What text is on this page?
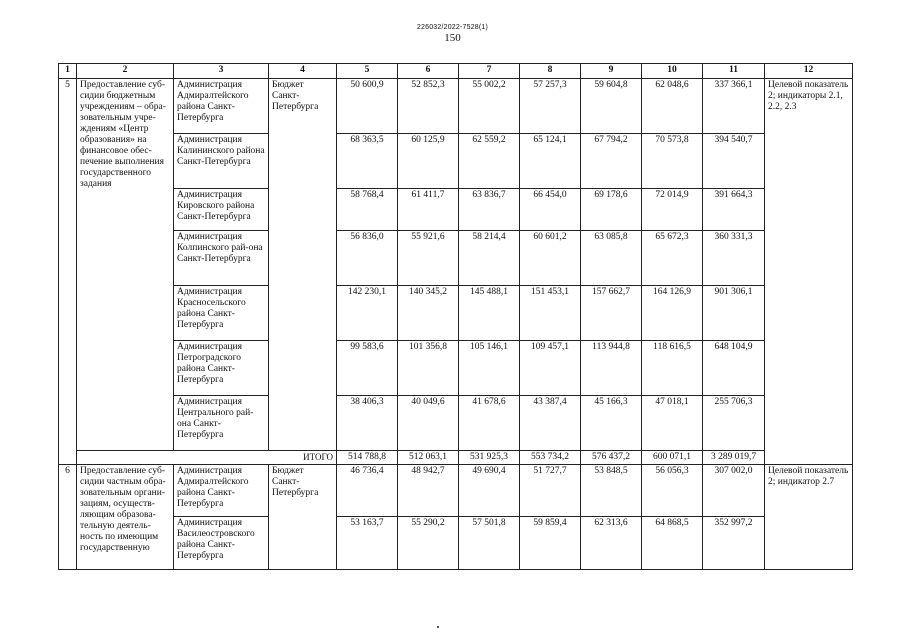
226032/2022-7528(1)
150
1	2	3	4	5	6	7	8	9	10	11	12
5	Предоставление суб-сидии бюджетным учреждениям – обра-зовательным учре-ждениям «Центр образования» на финансовое обес-печение выполнения государственного задания	Администрация Адмиралтейского района Санкт-Петербурга	Бюджет Санкт-Петербурга	50 600,9	52 852,3	55 002,2	57 257,3	59 604,8	62 048,6	337 366,1	Целевой показатель 2; индикаторы 2.1, 2.2, 2.3
		Администрация Калининского района Санкт-Петербурга		68 363,5	60 125,9	62 559,2	65 124,1	67 794,2	70 573,8	394 540,7	
		Администрация Кировского района Санкт-Петербурга		58 768,4	61 411,7	63 836,7	66 454,0	69 178,6	72 014,9	391 664,3	
		Администрация Колпинского рай-она Санкт-Петербурга		56 836,0	55 921,6	58 214,4	60 601,2	63 085,8	65 672,3	360 331,3	
		Администрация Красносельского района Санкт-Петербурга		142 230,1	140 345,2	145 488,1	151 453,1	157 662,7	164 126,9	901 306,1	
		Администрация Петроградского района Санкт-Петербурга		99 583,6	101 356,8	105 146,1	109 457,1	113 944,8	118 616,5	648 104,9	
		Администрация Центрального рай-она Санкт-Петербурга		38 406,3	40 049,6	41 678,6	43 387,4	45 166,3	47 018,1	255 706,3	
	ИТОГО			514 788,8	512 063,1	531 925,3	553 734,2	576 437,2	600 071,1	3 289 019,7	
6	Предоставление суб-сидии частным обра-зовательным органи-зациям, осуществ-ляющим образова-тельную деятель-ность по имеющим государственную	Администрация Адмиралтейского района Санкт-Петербурга	Бюджет Санкт-Петербурга	46 736,4	48 942,7	49 690,4	51 727,7	53 848,5	56 056,3	307 002,0	Целевой показатель 2; индикатор 2.7
		Администрация Василеостровского района Санкт-Петербурга		53 163,7	55 290,2	57 501,8	59 859,4	62 313,6	64 868,5	352 997,2	
